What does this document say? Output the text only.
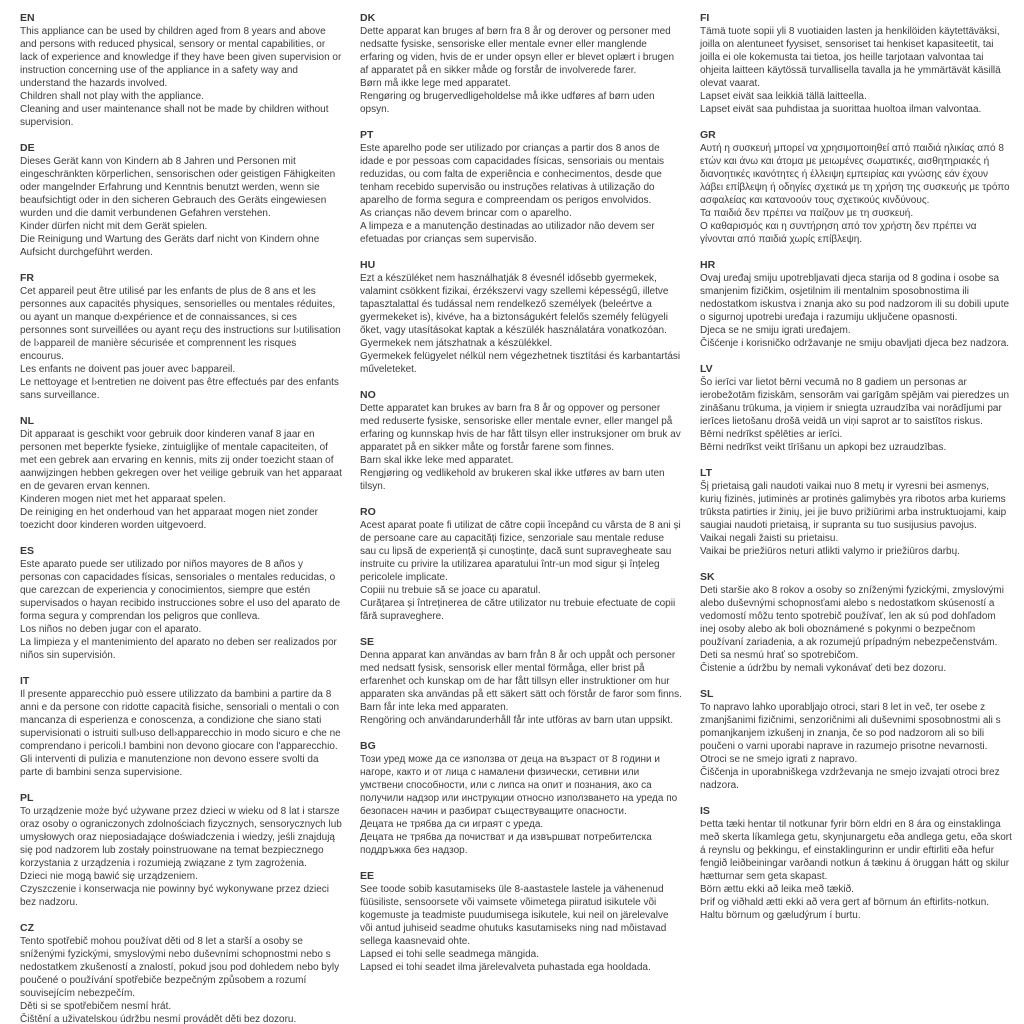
EN

This appliance can be used by children aged from 8 years and above and persons with reduced physical, sensory or mental capabilities, or lack of experience and knowledge if they have been given supervision or instruction concerning use of the appliance in a safety way and understand the hazards involved.

Children shall not play with the appliance.

Cleaning and user maintenance shall not be made by children without supervision.

DE

Dieses Gerät kann von Kindern ab 8 Jahren und Personen mit eingeschränkten körperlichen, sensorischen oder geistigen Fähigkeiten oder mangelnder Erfahrung und Kenntnis benutzt werden, wenn sie beaufsichtigt oder in den sicheren Gebrauch des Geräts eingewiesen wurden und die damit verbundenen Gefahren verstehen.

Kinder dürfen nicht mit dem Gerät spielen.

Die Reinigung und Wartung des Geräts darf nicht von Kindern ohne Aufsicht durchgeführt werden.

FR

Cet appareil peut être utilisé par les enfants de plus de 8 ans et les personnes aux capacités physiques, sensorielles ou mentales réduites, ou ayant un manque d›expérience et de connaissances, si ces personnes sont surveillées ou ayant reçu des instructions sur l›utilisation de l›appareil de manière sécurisée et comprennent les risques encourus.

Les enfants ne doivent pas jouer avec l›appareil.

Le nettoyage et l›entretien ne doivent pas être effectués par des enfants sans surveillance.

NL

Dit apparaat is geschikt voor gebruik door kinderen vanaf 8 jaar en personen met beperkte fysieke, zintuiglijke of mentale capaciteiten, of met een gebrek aan ervaring en kennis, mits zij onder toezicht staan of aanwijzingen hebben gekregen over het veilige gebruik van het apparaat en de gevaren ervan kennen.

Kinderen mogen niet met het apparaat spelen.

De reiniging en het onderhoud van het apparaat mogen niet zonder toezicht door kinderen worden uitgevoerd.

ES

Este aparato puede ser utilizado por niños mayores de 8 años y personas con capacidades físicas, sensoriales o mentales reducidas, o que carezcan de experiencia y conocimientos, siempre que estén supervisados o hayan recibido instrucciones sobre el uso del aparato de forma segura y comprendan los peligros que conlleva.

Los niños no deben jugar con el aparato.

La limpieza y el mantenimiento del aparato no deben ser realizados por niños sin supervisión.

IT

Il presente apparecchio può essere utilizzato da bambini a partire da 8 anni e da persone con ridotte capacità fisiche, sensoriali o mentali o con mancanza di esperienza e conoscenza, a condizione che siano stati supervisionati o istruiti sull›uso dell›apparecchio in modo sicuro e che ne comprendano i pericoli.I bambini non devono giocare con l'apparecchio.

Gli interventi di pulizia e manutenzione non devono essere svolti da parte di bambini senza supervisione.

PL

To urządzenie może być używane przez dzieci w wieku od 8 lat i starsze oraz osoby o ograniczonych zdolnościach fizycznych, sensorycznych lub umysłowych oraz nieposiadające doświadczenia i wiedzy, jeśli znajdują się pod nadzorem lub zostały poinstruowane na temat bezpiecznego korzystania z urządzenia i rozumieją związane z tym zagrożenia.

Dzieci nie mogą bawić się urządzeniem.

Czyszczenie i konserwacja nie powinny być wykonywane przez dzieci bez nadzoru.

CZ

Tento spotřebič mohou používat děti od 8 let a starší a osoby se sníženými fyzickými, smyslovými nebo duševními schopnostmi nebo s nedostatkem zkušeností a znalostí, pokud jsou pod dohledem nebo byly poučené o používání spotřebiče bezpečným způsobem a rozumí souvisejícím nebezpečím.

Děti si se spotřebičem nesmí hrát.

Čištění a uživatelskou údržbu nesmí provádět děti bez dozoru.

DK

Dette apparat kan bruges af børn fra 8 år og derover og personer med nedsatte fysiske, sensoriske eller mentale evner eller manglende erfaring og viden, hvis de er under opsyn eller er blevet oplært i brugen af apparatet på en sikker måde og forstår de involverede farer.

Børn må ikke lege med apparatet.

Rengøring og brugervedligeholdelse må ikke udføres af børn uden opsyn.

PT

Este aparelho pode ser utilizado por crianças a partir dos 8 anos de idade e por pessoas com capacidades físicas, sensoriais ou mentais reduzidas, ou com falta de experiência e conhecimentos, desde que tenham recebido supervisão ou instruções relativas à utilização do aparelho de forma segura e compreendam os perigos envolvidos.

As crianças não devem brincar com o aparelho.

A limpeza e a manutenção destinadas ao utilizador não devem ser efetuadas por crianças sem supervisão.

HU

Ezt a készüléket nem használhatják 8 évesnél idősebb gyermekek, valamint csökkent fizikai, érzékszervi vagy szellemi képességű, illetve tapasztalattal és tudással nem rendelkező személyek (beleértve a gyermekeket is), kivéve, ha a biztonságukért felelős személy felügyeli őket, vagy utasításokat kaptak a készülék használatára vonatkozóan.

Gyermekek nem játszhatnak a készülékkel.

Gyermekek felügyelet nélkül nem végezhetnek tisztítási és karbantartási műveleteket.

NO

Dette apparatet kan brukes av barn fra 8 år og oppover og personer med reduserte fysiske, sensoriske eller mentale evner, eller mangel på erfaring og kunnskap hvis de har fått tilsyn eller instruksjoner om bruk av apparatet på en sikker måte og forstår farene som finnes.

Barn skal ikke leke med apparatet.

Rengjøring og vedlikehold av brukeren skal ikke utføres av barn uten tilsyn.

RO

Acest aparat poate fi utilizat de către copii începând cu vârsta de 8 ani și de persoane care au capacități fizice, senzoriale sau mentale reduse sau cu lipsă de experiență și cunoștințe, dacă sunt supravegheate sau instruite cu privire la utilizarea aparatului într-un mod sigur și înțeleg pericolele implicate.

Copiii nu trebuie să se joace cu aparatul.

Curățarea și întreținerea de către utilizator nu trebuie efectuate de copii fără supraveghere.

SE

Denna apparat kan användas av barn från 8 år och uppåt och personer med nedsatt fysisk, sensorisk eller mental förmåga, eller brist på erfarenhet och kunskap om de har fått tillsyn eller instruktioner om hur apparaten ska användas på ett säkert sätt och förstår de faror som finns.

Barn får inte leka med apparaten.

Rengöring och användarunderhåll får inte utföras av barn utan uppsikt.

BG

Този уред може да се използва от деца на възраст от 8 години и нагоре, както и от лица с намалени физически, сетивни или умствени способности, или с липса на опит и познания, ако са получили надзор или инструкции относно използването на уреда по безопасен начин и разбират съществуващите опасности.

Децата не трябва да си играят с уреда.

Децата не трябва да почистват и да извършват потребителска поддръжка без надзор.

EE

See toode sobib kasutamiseks üle 8-aastastele lastele ja vähenenud füüsiliste, sensoorsete või vaimsete võimetega piiratud isikutele või kogemuste ja teadmiste puudumisega isikutele, kui neil on järelevalve või antud juhiseid seadme ohutuks kasutamiseks ning nad mõistavad sellega kaasnevaid ohte.

Lapsed ei tohi selle seadmega mängida.

Lapsed ei tohi seadet ilma järelevalveta puhastada ega hooldada.

FI

Tämä tuote sopii yli 8 vuotiaiden lasten ja henkilöiden käytettäväksi, joilla on alentuneet fyysiset, sensoriset tai henkiset kapasiteetit, tai joilla ei ole kokemusta tai tietoa, jos heille tarjotaan valvontaa tai ohjeita laitteen käytössä turvallisella tavalla ja he ymmärtävät käsillä olevat vaarat.

Lapset eivät saa leikkiä tällä laitteella.

Lapset eivät saa puhdistaa ja suorittaa huoltoa ilman valvontaa.

GR

Αυτή η συσκευή μπορεί να χρησιμοποιηθεί από παιδιά ηλικίας από 8 ετών και άνω και άτομα με μειωμένες σωματικές, αισθητηριακές ή διανοητικές ικανότητες ή έλλειψη εμπειρίας και γνώσης εάν έχουν λάβει επίβλεψη ή οδηγίες σχετικά με τη χρήση της συσκευής με τρόπο ασφαλείας και κατανοούν τους σχετικούς κινδύνους.

Τα παιδιά δεν πρέπει να παίζουν με τη συσκευή.

Ο καθαρισμός και η συντήρηση από τον χρήστη δεν πρέπει να γίνονται από παιδιά χωρίς επίβλεψη.

HR

Ovaj uređaj smiju upotrebljavati djeca starija od 8 godina i osobe sa smanjenim fizičkim, osjetilnim ili mentalnim sposobnostima ili nedostatkom iskustva i znanja ako su pod nadzorom ili su dobili upute o sigurnoj upotrebi uređaja i razumiju uključene opasnosti.

Djeca se ne smiju igrati uređajem.

Čišćenje i korisničko održavanje ne smiju obavljati djeca bez nadzora.

LV

Šo ierīci var lietot bērni vecumā no 8 gadiem un personas ar ierobežotām fiziskām, sensorām vai garīgām spējām vai pieredzes un zināšanu trūkuma, ja viņiem ir sniegta uzraudzība vai norādījumi par ierīces lietošanu drošā veidā un viņi saprot ar to saistītos riskus.

Bērni nedrīkst spēlēties ar ierīci.

Bērni nedrīkst veikt tīrīšanu un apkopi bez uzraudzības.

LT

Šį prietaisą gali naudoti vaikai nuo 8 metų ir vyresni bei asmenys, kurių fizinės, jutiminės ar protinės galimybės yra ribotos arba kuriems trūksta patirties ir žinių, jei jie buvo prižiūrimi arba instruktuojami, kaip saugiai naudoti prietaisą, ir supranta su tuo susijusius pavojus.

Vaikai negali žaisti su prietaisu.

Vaikai be priežiūros neturi atlikti valymo ir priežiūros darbų.

SK

Deti staršie ako 8 rokov a osoby so zníženými fyzickými, zmyslovými alebo duševnými schopnosťami alebo s nedostatkom skúseností a vedomostí môžu tento spotrebič používať, len ak sú pod dohľadom inej osoby alebo ak boli oboznámené s pokynmi o bezpečnom používaní zariadenia, a ak rozumejú prípadným nebezpečenstvám.

Deti sa nesmú hrať so spotrebičom.

Čistenie a údržbu by nemali vykonávať deti bez dozoru.

SL

To napravo lahko uporabljajo otroci, stari 8 let in več, ter osebe z zmanjšanimi fizičnimi, senzoričnimi ali duševnimi sposobnostmi ali s pomanjkanjem izkušenj in znanja, če so pod nadzorom ali so bili poučeni o varni uporabi naprave in razumejo prisotne nevarnosti.

Otroci se ne smejo igrati z napravo.

Čiščenja in uporabniškega vzdrževanja ne smejo izvajati otroci brez nadzora.

IS

Þetta tæki hentar til notkunar fyrir börn eldri en 8 ára og einstaklinga með skerta líkamlega getu, skynjunargetu eða andlega getu, eða skort á reynslu og þekkingu, ef einstaklingurinn er undir eftirliti eða hefur fengið leiðbeiningar varðandi notkun á tækinu á öruggan hátt og skilur hætturnar sem geta skapast.

Börn ættu ekki að leika með tækið.

Þrif og viðhald ætti ekki að vera gert af börnum án eftirlits-notkun.

Haltu börnum og gæludýrum í burtu.
